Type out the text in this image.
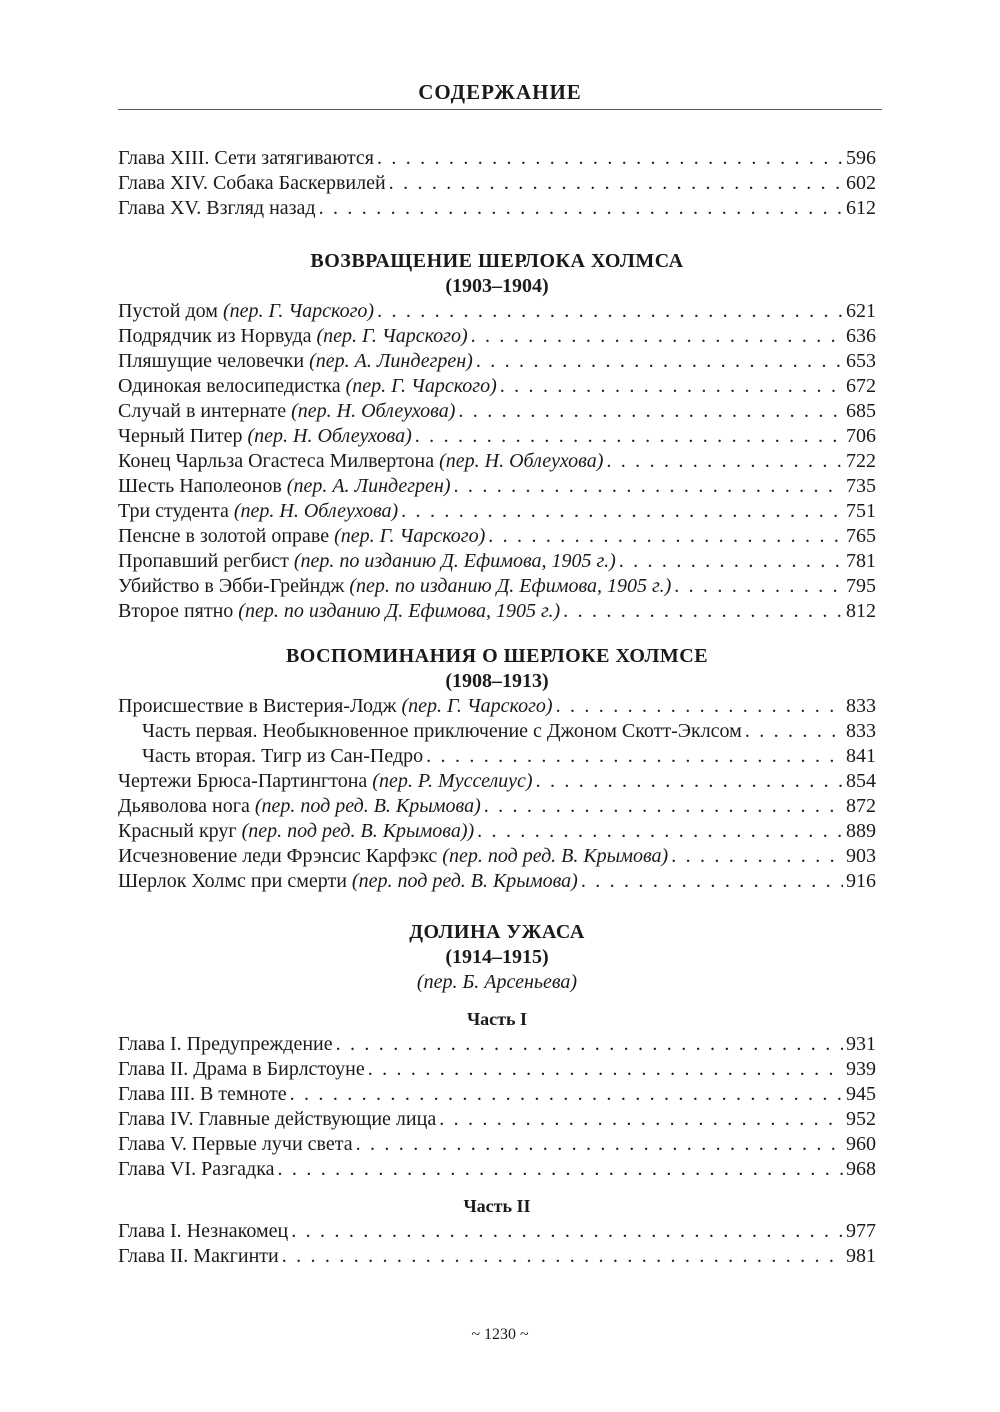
СОДЕРЖАНИЕ
Глава XIII. Сети затягиваются . . .	596
Глава XIV. Собака Баскервилей . . .	602
Глава XV. Взгляд назад . . .	612
ВОЗВРАЩЕНИЕ ШЕРЛОКА ХОЛМСА
(1903–1904)
Пустой дом (пер. Г. Чарского) . . .	621
Подрядчик из Норвуда (пер. Г. Чарского) . . .	636
Пляшущие человечки (пер. А. Линдегрен) . . .	653
Одинокая велосипедистка (пер. Г. Чарского) . . .	672
Случай в интернате (пер. Н. Облеухова) . . .	685
Черный Питер (пер. Н. Облеухова) . . .	706
Конец Чарльза Огастеса Милвертона (пер. Н. Облеухова) . . .	722
Шесть Наполеонов (пер. А. Линдегрен) . . .	735
Три студента (пер. Н. Облеухова) . . .	751
Пенсне в золотой оправе (пер. Г. Чарского) . . .	765
Пропавший регбист (пер. по изданию Д. Ефимова, 1905 г.) . . .	781
Убийство в Эбби-Грейндж (пер. по изданию Д. Ефимова, 1905 г.) . . .	795
Второе пятно (пер. по изданию Д. Ефимова, 1905 г.) . . .	812
ВОСПОМИНАНИЯ О ШЕРЛОКЕ ХОЛМСЕ
(1908–1913)
Происшествие в Вистерия-Лодж (пер. Г. Чарского) . . .	833
Часть первая. Необыкновенное приключение с Джоном Скотт-Эклсом . . .	833
Часть вторая. Тигр из Сан-Педро . . .	841
Чертежи Брюса-Партингтона (пер. Р. Мусселиус) . . .	854
Дьяволова нога (пер. под ред. В. Крымова) . . .	872
Красный круг (пер. под ред. В. Крымова)) . . .	889
Исчезновение леди Фрэнсис Карфэкс (пер. под ред. В. Крымова) . . .	903
Шерлок Холмс при смерти (пер. под ред. В. Крымова) . . .	916
ДОЛИНА УЖАСА
(1914–1915)
(пер. Б. Арсеньева)
Часть I
Глава I. Предупреждение . . .	931
Глава II. Драма в Бирлстоуне . . .	939
Глава III. В темноте . . .	945
Глава IV. Главные действующие лица . . .	952
Глава V. Первые лучи света . . .	960
Глава VI. Разгадка . . .	968
Часть II
Глава I. Незнакомец . . .	977
Глава II. Макгинти . . .	981
~ 1230 ~
